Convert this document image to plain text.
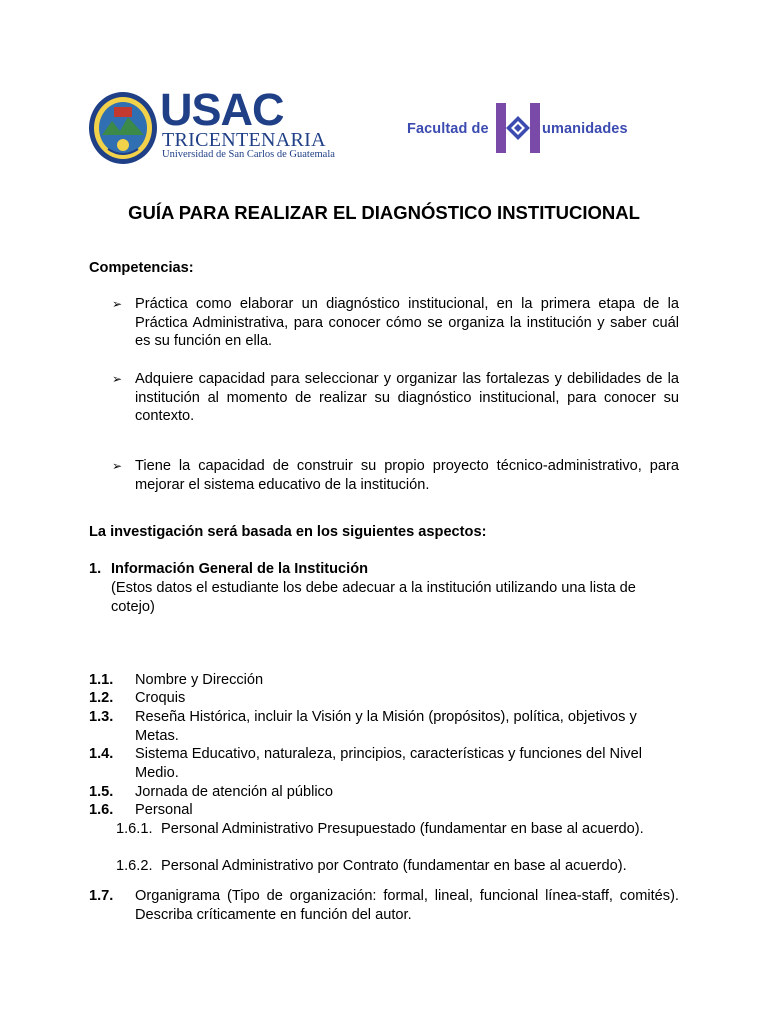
USAC
TRICENTENARIA
Universidad de San Carlos de Guatemala
Facultad de	umanidades
GUÍA PARA REALIZAR EL DIAGNÓSTICO INSTITUCIONAL
Competencias:
➢ Práctica como elaborar un diagnóstico institucional, en la primera etapa de la Práctica Administrativa, para conocer cómo se organiza la institución y saber cuál es su función en ella.
➢ Adquiere capacidad para seleccionar y organizar las fortalezas y debilidades de la institución al momento de realizar su diagnóstico institucional, para conocer su contexto.
➢ Tiene la capacidad de construir su propio proyecto técnico-administrativo, para mejorar el sistema educativo de la institución.
La investigación será basada en los siguientes aspectos:
1. Información General de la Institución
(Estos datos el estudiante los debe adecuar a la institución utilizando una lista de cotejo)
1.1. Nombre y Dirección
1.2. Croquis
1.3. Reseña Histórica, incluir la Visión y la Misión (propósitos), política, objetivos y Metas.
1.4. Sistema Educativo, naturaleza, principios, características y funciones del Nivel Medio.
1.5. Jornada de atención al público
1.6. Personal
1.6.1. Personal Administrativo Presupuestado (fundamentar en base al acuerdo).
1.6.2. Personal Administrativo por Contrato (fundamentar en base al acuerdo).
1.7. Organigrama (Tipo de organización: formal, lineal, funcional línea-staff, comités). Describa críticamente en función del autor.
